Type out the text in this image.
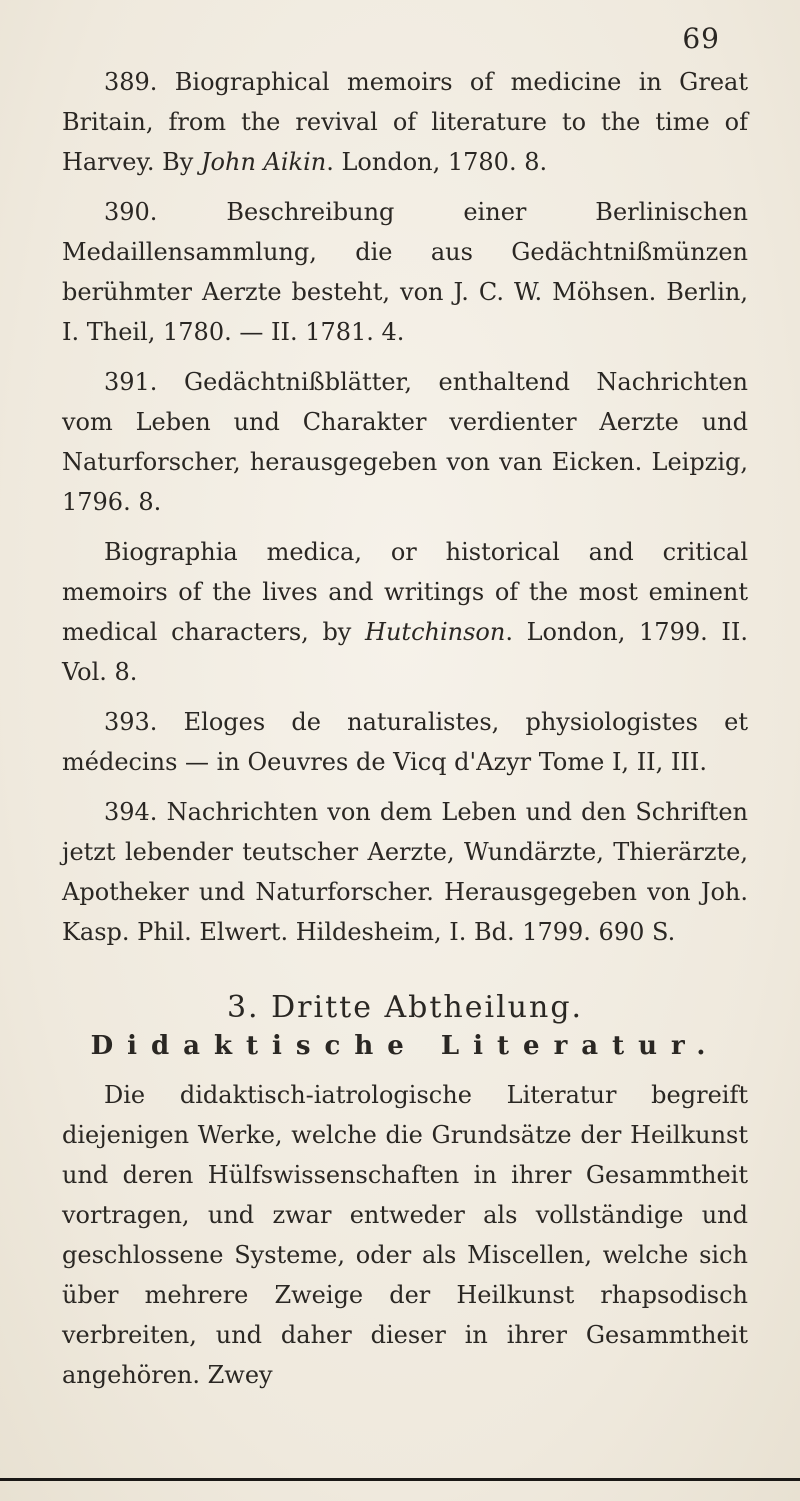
69

389. Biographical memoirs of medicine in Great Britain, from the revival of literature to the time of Harvey. By John Aikin. London, 1780. 8.

390.	Beschreibung einer Berlinischen Medaillensammlung, die aus Gedächtnißmünzen berühmter Aerzte besteht, von J. C. W. Möhsen. Berlin, I. Theil, 1780. — II. 1781. 4.

391. Gedächtnißblätter, enthaltend Nachrichten vom Leben und Charakter verdienter Aerzte und Naturforscher, herausgegeben von van Eicken. Leipzig, 1796. 8.

Biographia medica, or historical and critical memoirs of the lives and writings of the most eminent medical characters, by Hutchinson. London, 1799. II. Vol. 8.

393. Eloges de naturalistes, physiologistes et médecins — in Oeuvres de Vicq d'Azyr Tome I, II, III.

394. Nachrichten von dem Leben und den Schriften jetzt lebender teutscher Aerzte, Wundärzte, Thierärzte, Apotheker und Naturforscher. Herausgegeben von Joh. Kasp. Phil. Elwert. Hildesheim, I. Bd. 1799. 690 S.

3. Dritte Abtheilung.
Didaktische Literatur.

Die didaktisch-iatrologische Literatur begreift diejenigen Werke, welche die Grundsätze der Heilkunst und deren Hülfswissenschaften in ihrer Gesammtheit vortragen, und zwar entweder als vollständige und geschlossene Systeme, oder als Miscellen, welche sich über mehrere Zweige der Heilkunst rhapsodisch verbreiten, und daher dieser in ihrer Gesammtheit angehören. Zwey
